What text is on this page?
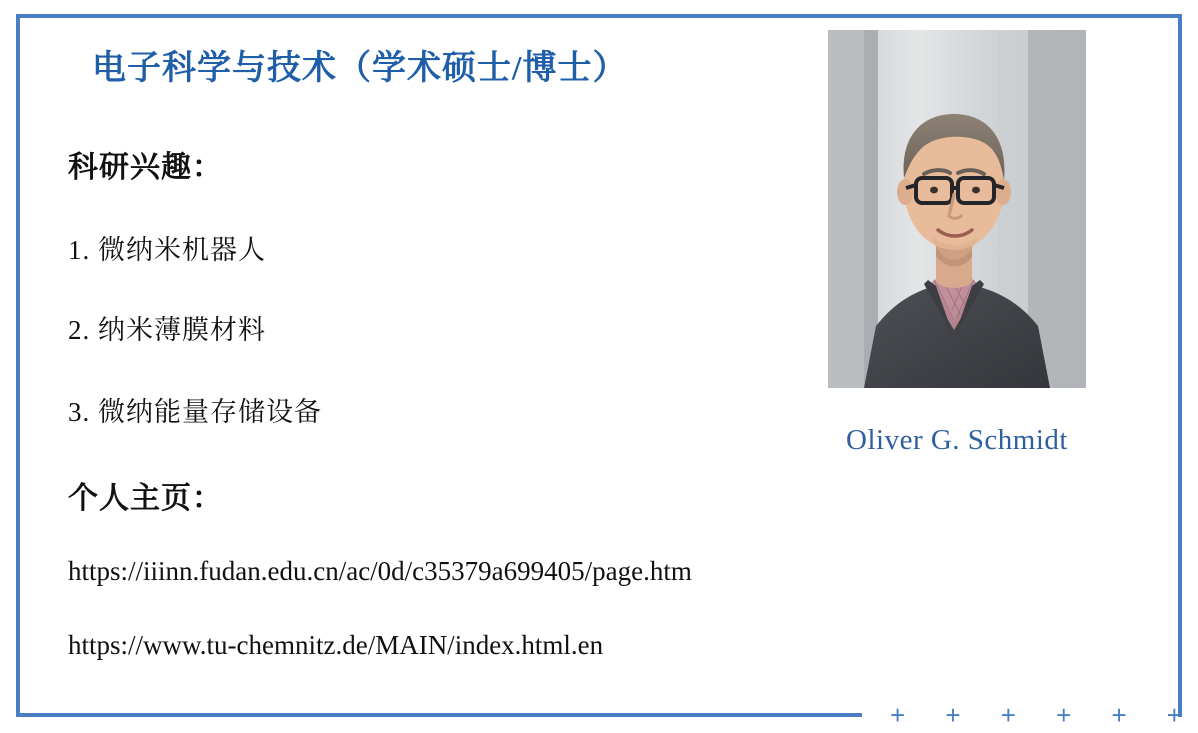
+ + + + + +
电子科学与技术（学术硕士/博士）
科研兴趣：
1. 微纳米机器人
2. 纳米薄膜材料
3. 微纳能量存储设备
个人主页：
https://iiinn.fudan.edu.cn/ac/0d/c35379a699405/page.htm
https://www.tu-chemnitz.de/MAIN/index.html.en
Oliver G. Schmidt
